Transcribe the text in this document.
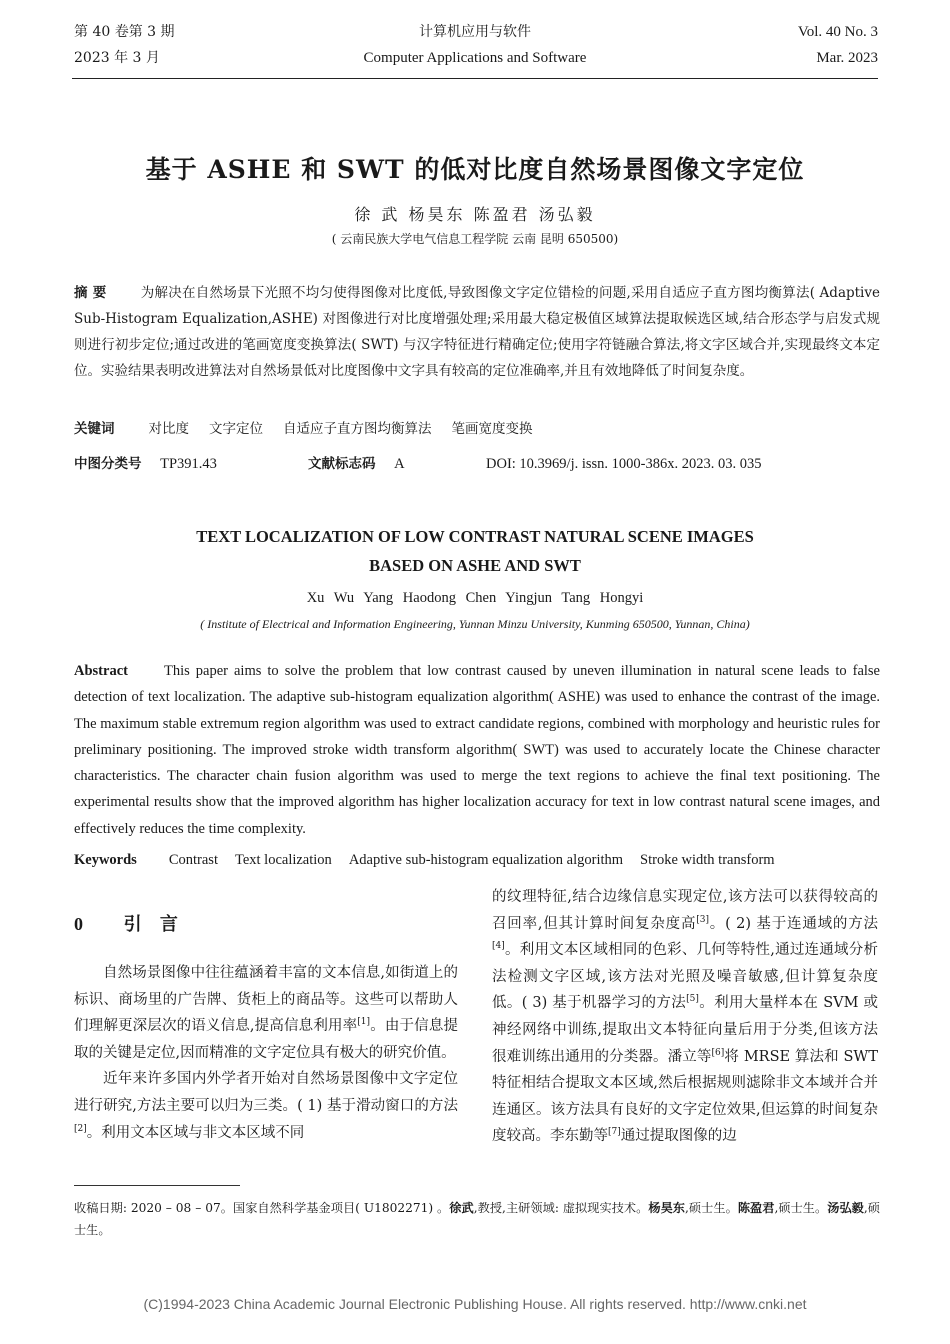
第 40 卷第 3 期
2023 年 3 月
计算机应用与软件
Computer Applications and Software
Vol. 40 No. 3
Mar. 2023
基于 ASHE 和 SWT 的低对比度自然场景图像文字定位
徐 武 杨昊东 陈盈君 汤弘毅
( 云南民族大学电气信息工程学院 云南 昆明 650500)
摘 要	为解决在自然场景下光照不均匀使得图像对比度低,导致图像文字定位错检的问题,采用自适应子直方图均衡算法( Adaptive Sub-Histogram Equalization,ASHE) 对图像进行对比度增强处理;采用最大稳定极值区域算法提取候选区域,结合形态学与启发式规则进行初步定位;通过改进的笔画宽度变换算法( SWT) 与汉字特征进行精确定位;使用字符链融合算法,将文字区域合并,实现最终文本定位。实验结果表明改进算法对自然场景低对比度图像中文字具有较高的定位准确率,并且有效地降低了时间复杂度。
关键词	对比度 文字定位 自适应子直方图均衡算法 笔画宽度变换
中图分类号 TP391.43	文献标志码 A	DOI: 10.3969/j. issn. 1000-386x. 2023. 03. 035
TEXT LOCALIZATION OF LOW CONTRAST NATURAL SCENE IMAGES
BASED ON ASHE AND SWT
Xu Wu Yang Haodong Chen Yingjun Tang Hongyi
( Institute of Electrical and Information Engineering, Yunnan Minzu University, Kunming 650500, Yunnan, China)
Abstract This paper aims to solve the problem that low contrast caused by uneven illumination in natural scene leads to false detection of text localization. The adaptive sub-histogram equalization algorithm( ASHE) was used to enhance the contrast of the image. The maximum stable extremum region algorithm was used to extract candidate regions, combined with morphology and heuristic rules for preliminary positioning. The improved stroke width transform algorithm( SWT) was used to accurately locate the Chinese character characteristics. The character chain fusion algorithm was used to merge the text regions to achieve the final text positioning. The experimental results show that the improved algorithm has higher localization accuracy for text in low contrast natural scene images, and effectively reduces the time complexity.
Keywords Contrast Text localization Adaptive sub-histogram equalization algorithm Stroke width transform
0 引 言

自然场景图像中往往蕴涵着丰富的文本信息,如街道上的标识、商场里的广告牌、货柜上的商品等。这些可以帮助人们理解更深层次的语义信息,提高信息利用率[1]。由于信息提取的关键是定位,因而精准的文字定位具有极大的研究价值。

近年来许多国内外学者开始对自然场景图像中文字定位进行研究,方法主要可以归为三类。( 1) 基于滑动窗口的方法[2]。利用文本区域与非文本区域不同

的纹理特征,结合边缘信息实现定位,该方法可以获得较高的召回率,但其计算时间复杂度高[3]。( 2) 基于连通域的方法[4]。利用文本区域相同的色彩、几何等特性,通过连通域分析法检测文字区域,该方法对光照及噪音敏感,但计算复杂度低。( 3) 基于机器学习的方法[5]。利用大量样本在 SVM 或神经网络中训练,提取出文本特征向量后用于分类,但该方法很难训练出通用的分类器。潘立等[6]将 MRSE 算法和 SWT 特征相结合提取文本区域,然后根据规则滤除非文本域并合并连通区。该方法具有良好的文字定位效果,但运算的时间复杂度较高。李东勤等[7]通过提取图像的边

收稿日期: 2020 – 08 – 07。国家自然科学基金项目( U1802271) 。徐武,教授,主研领域: 虚拟现实技术。杨昊东,硕士生。陈盈君,硕士生。汤弘毅,硕士生。
(C)1994-2023 China Academic Journal Electronic Publishing House. All rights reserved. http://www.cnki.net
